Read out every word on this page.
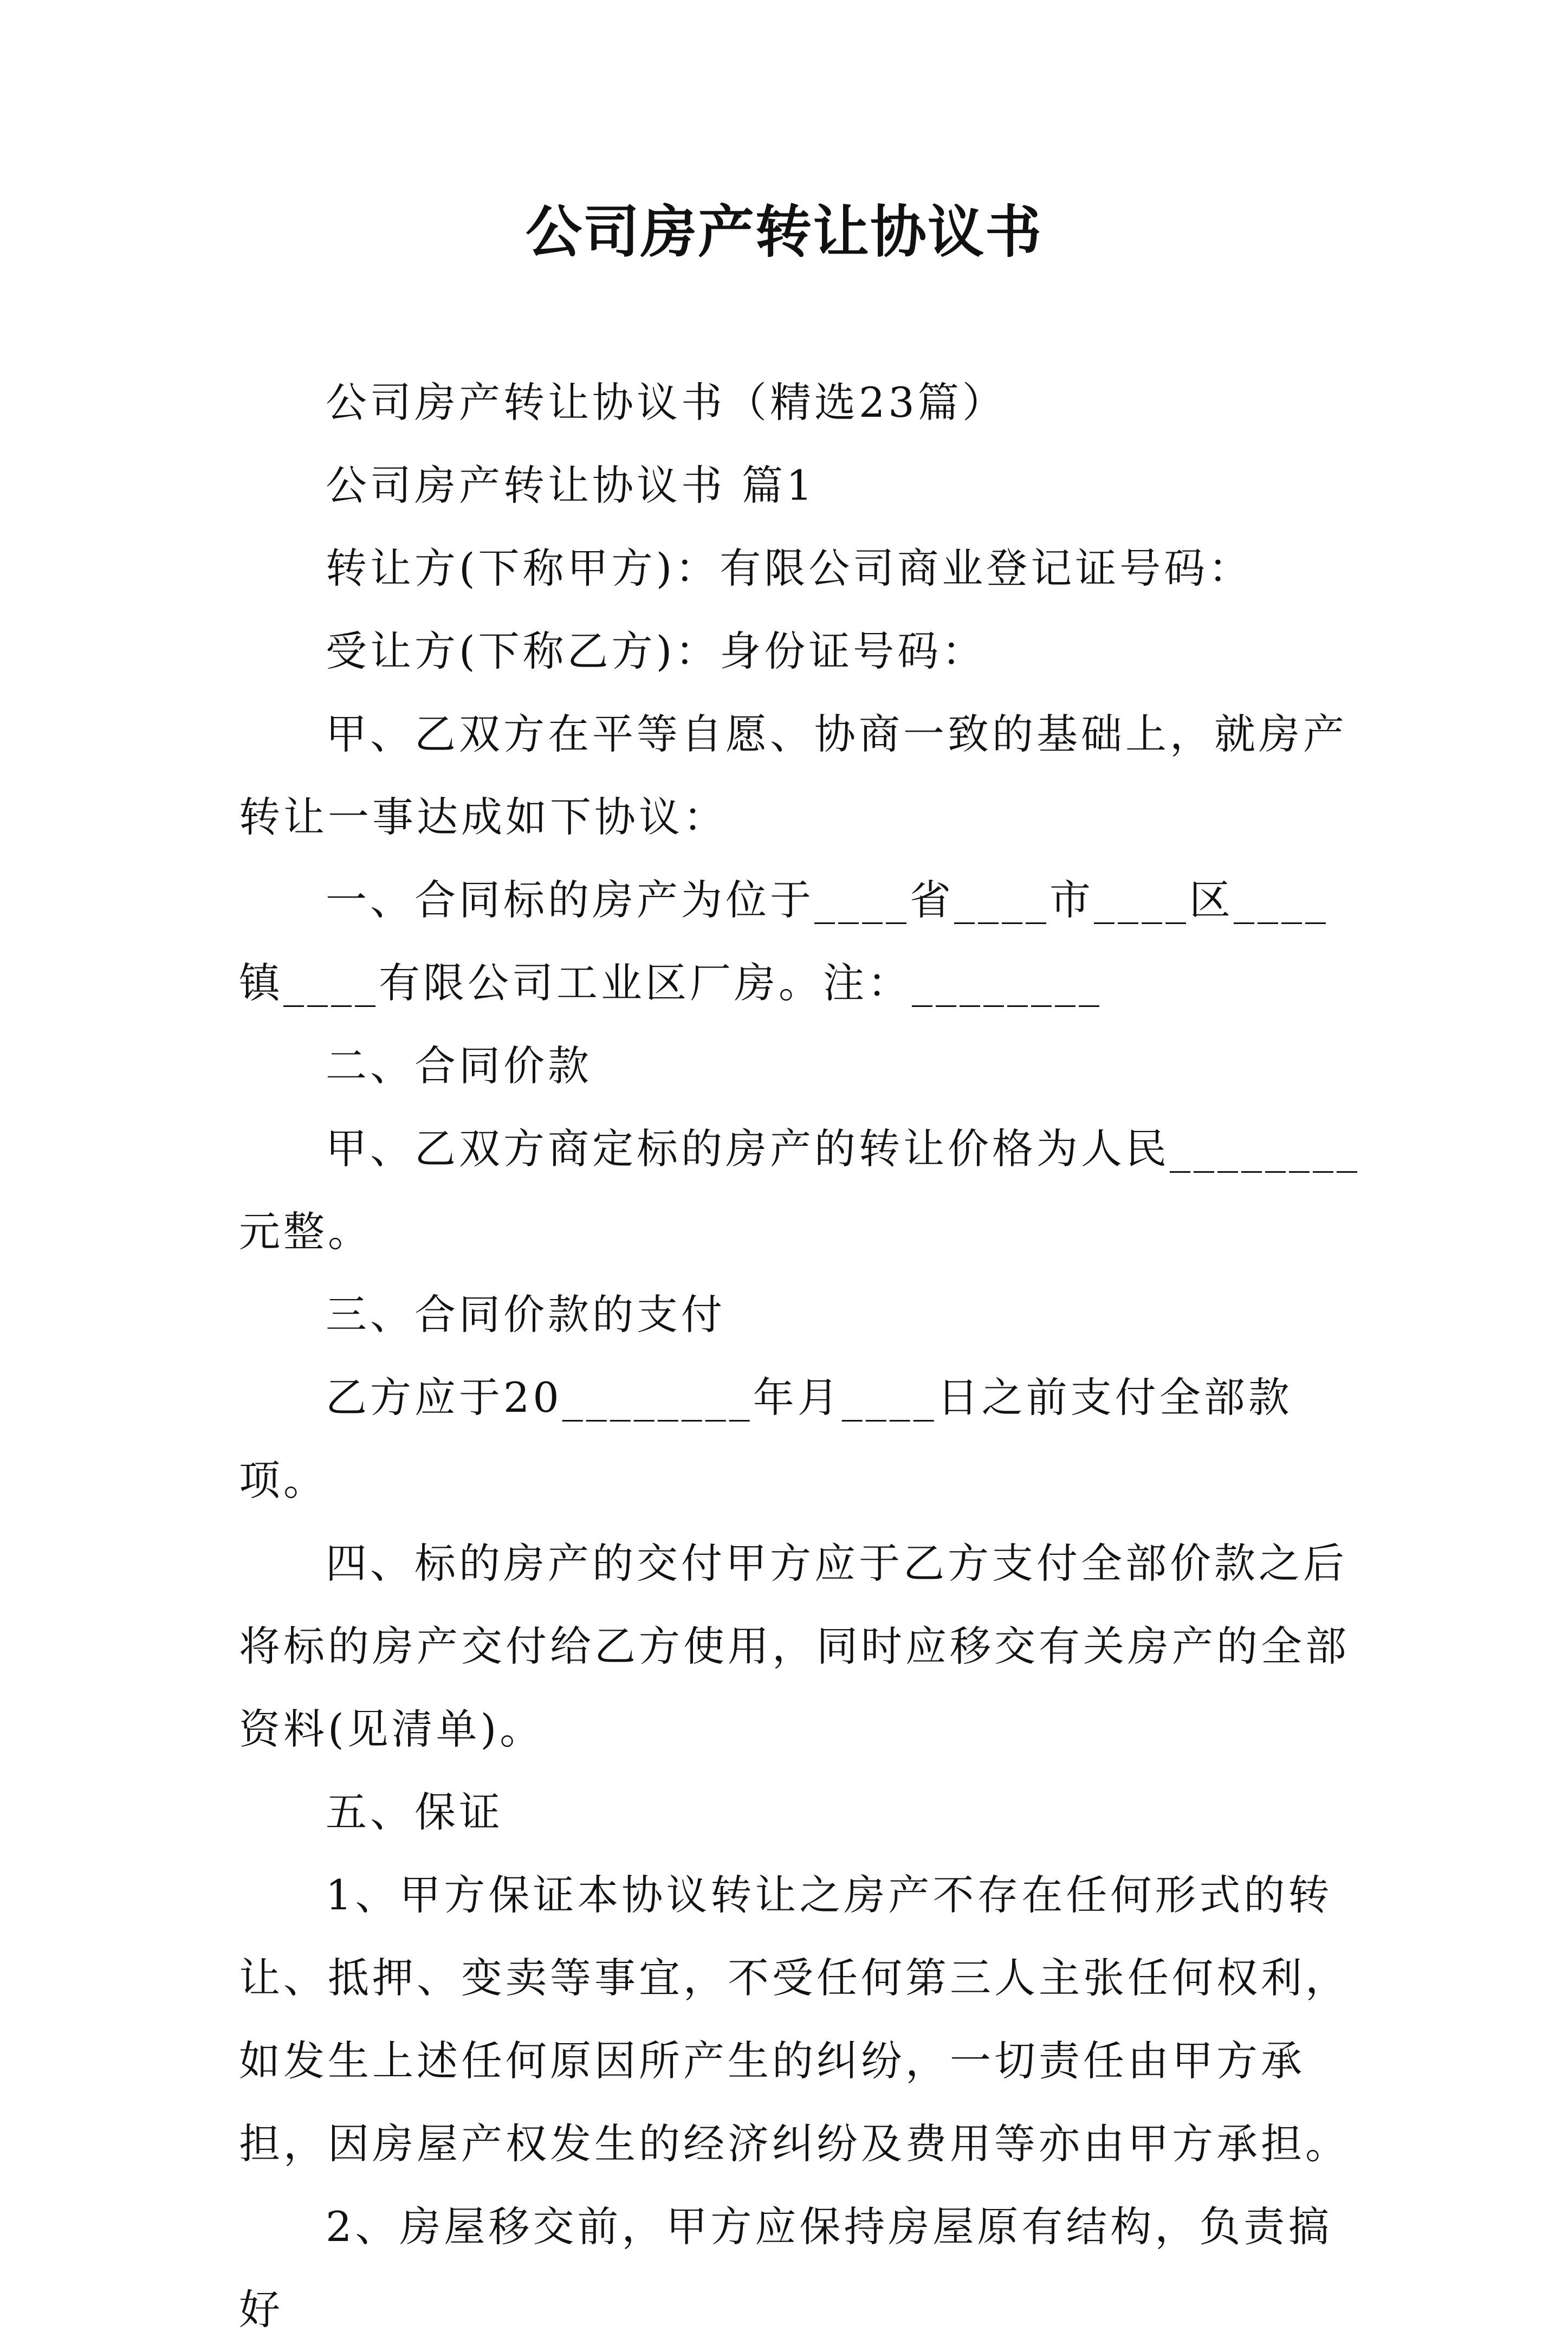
公司房产转让协议书

公司房产转让协议书（精选23篇）

公司房产转让协议书 篇1

转让方(下称甲方)：有限公司商业登记证号码：

受让方(下称乙方)：身份证号码：

甲、乙双方在平等自愿、协商一致的基础上，就房产转让一事达成如下协议：

一、合同标的房产为位于____省____市____区____镇____有限公司工业区厂房。注：________

二、合同价款

甲、乙双方商定标的房产的转让价格为人民________元整。

三、合同价款的支付

乙方应于20________年月____日之前支付全部款项。

四、标的房产的交付甲方应于乙方支付全部价款之后将标的房产交付给乙方使用，同时应移交有关房产的全部资料(见清单)。

五、保证

1、甲方保证本协议转让之房产不存在任何形式的转让、抵押、变卖等事宜，不受任何第三人主张任何权利，如发生上述任何原因所产生的纠纷，一切责任由甲方承担，因房屋产权发生的经济纠纷及费用等亦由甲方承担。

2、房屋移交前，甲方应保持房屋原有结构，负责搞好
